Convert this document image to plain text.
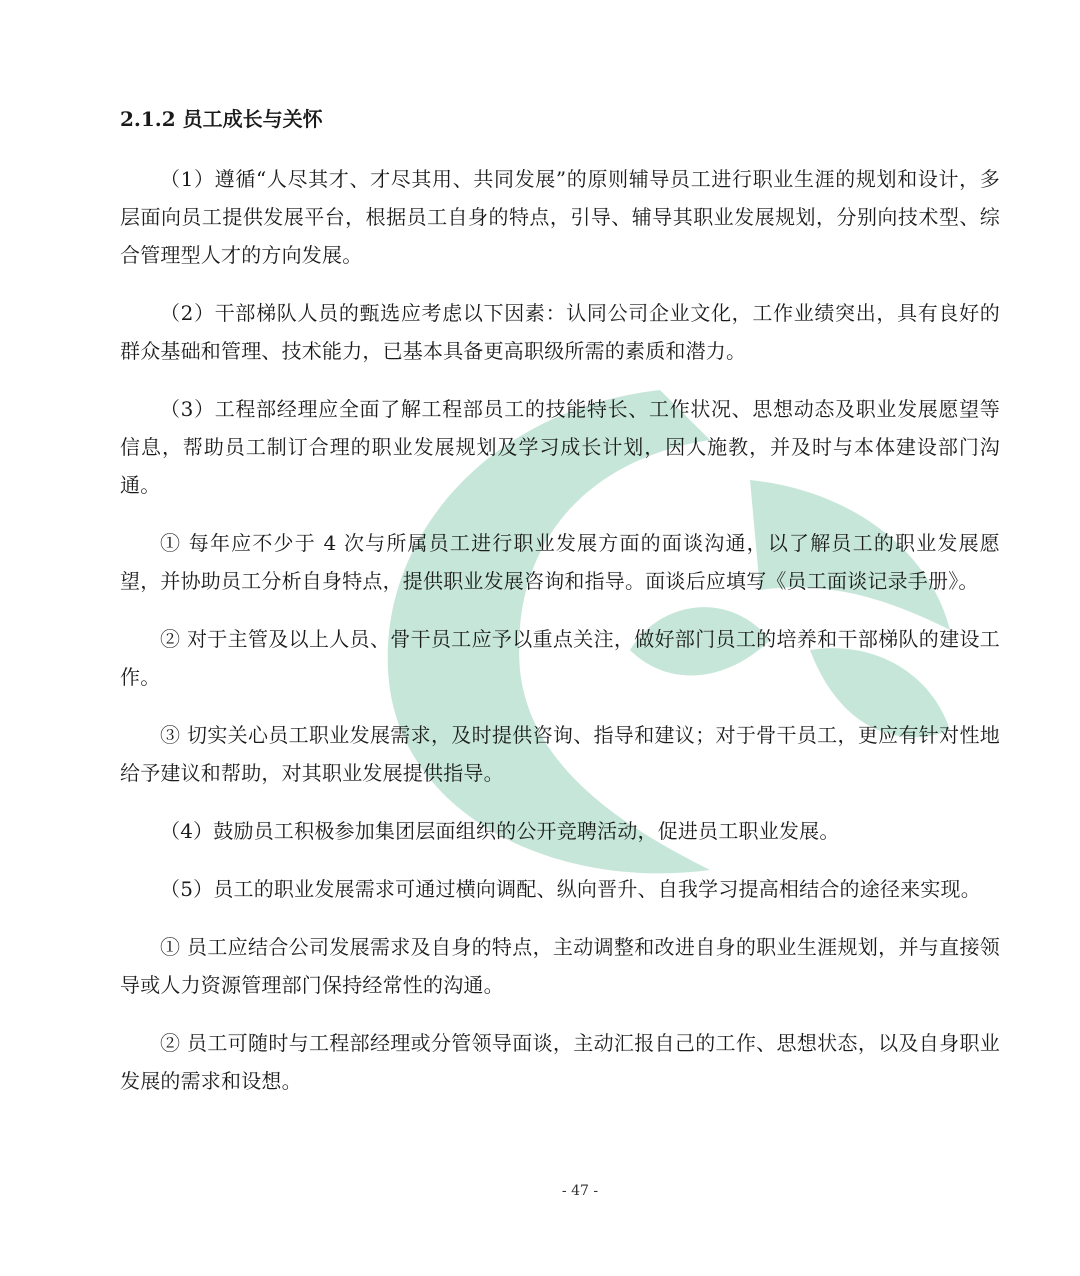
2.1.2 员工成长与关怀

（1）遵循“人尽其才、才尽其用、共同发展”的原则辅导员工进行职业生涯的规划和设计，多层面向员工提供发展平台，根据员工自身的特点，引导、辅导其职业发展规划，分别向技术型、综合管理型人才的方向发展。

（2）干部梯队人员的甄选应考虑以下因素：认同公司企业文化，工作业绩突出，具有良好的群众基础和管理、技术能力，已基本具备更高职级所需的素质和潜力。

（3）工程部经理应全面了解工程部员工的技能特长、工作状况、思想动态及职业发展愿望等信息，帮助员工制订合理的职业发展规划及学习成长计划，因人施教，并及时与本体建设部门沟通。

① 每年应不少于 4 次与所属员工进行职业发展方面的面谈沟通，以了解员工的职业发展愿望，并协助员工分析自身特点，提供职业发展咨询和指导。面谈后应填写《员工面谈记录手册》。

② 对于主管及以上人员、骨干员工应予以重点关注，做好部门员工的培养和干部梯队的建设工作。

③ 切实关心员工职业发展需求，及时提供咨询、指导和建议；对于骨干员工，更应有针对性地给予建议和帮助，对其职业发展提供指导。

（4）鼓励员工积极参加集团层面组织的公开竞聘活动，促进员工职业发展。

（5）员工的职业发展需求可通过横向调配、纵向晋升、自我学习提高相结合的途径来实现。

① 员工应结合公司发展需求及自身的特点，主动调整和改进自身的职业生涯规划，并与直接领导或人力资源管理部门保持经常性的沟通。

② 员工可随时与工程部经理或分管领导面谈，主动汇报自己的工作、思想状态，以及自身职业发展的需求和设想。

- 47 -
